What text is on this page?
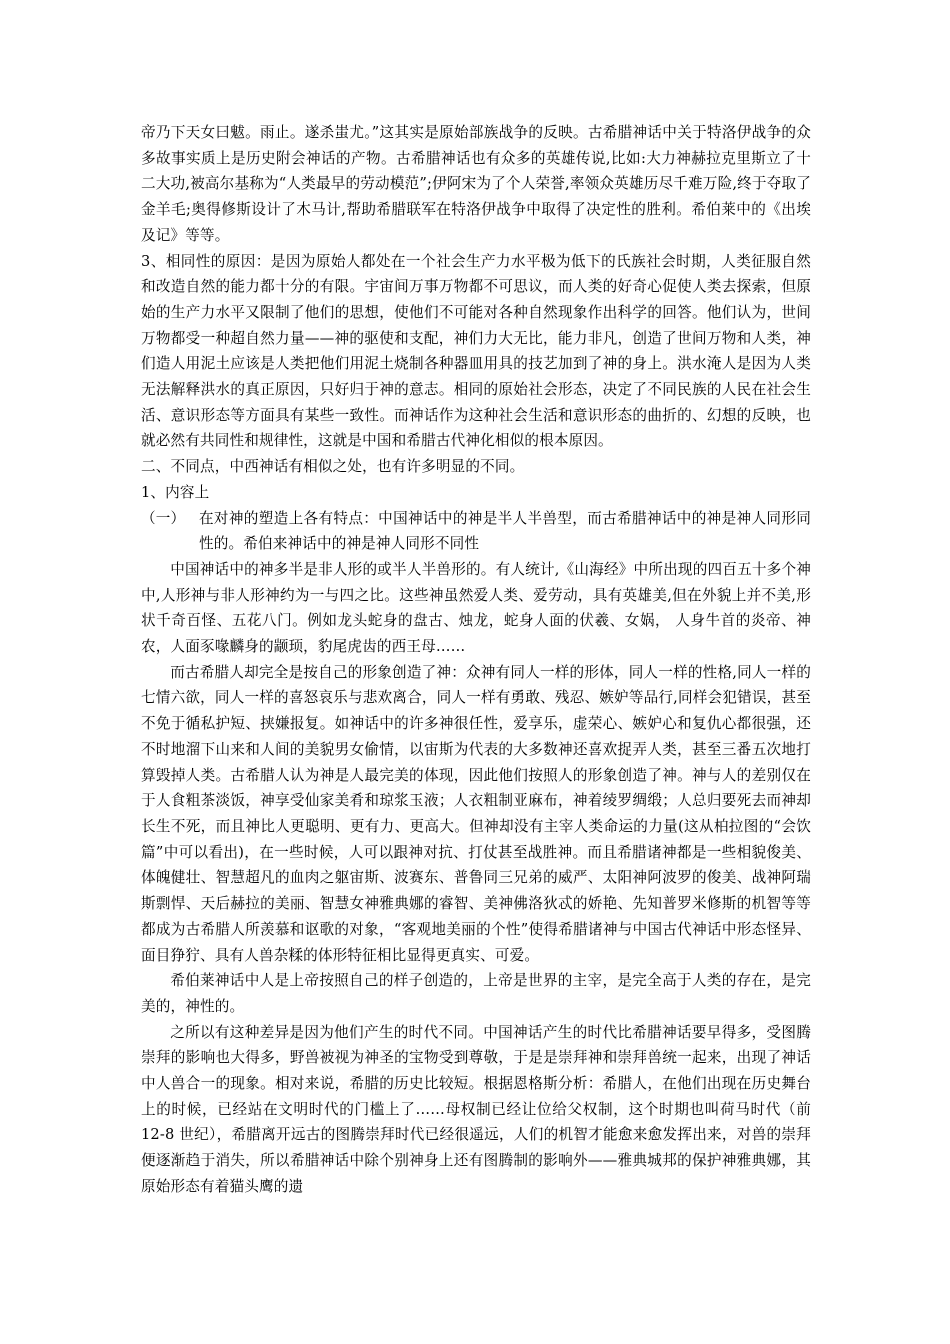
帝乃下天女曰魃。雨止。遂杀蚩尤。”这其实是原始部族战争的反映。古希腊神话中关于特洛伊战争的众多故事实质上是历史附会神话的产物。古希腊神话也有众多的英雄传说,比如:大力神赫拉克里斯立了十二大功,被高尔基称为“人类最早的劳动模范”;伊阿宋为了个人荣誉,率领众英雄历尽千难万险,终于夺取了金羊毛;奥得修斯设计了木马计,帮助希腊联军在特洛伊战争中取得了决定性的胜利。希伯莱中的《出埃及记》等等。

3、相同性的原因：是因为原始人都处在一个社会生产力水平极为低下的氏族社会时期，人类征服自然和改造自然的能力都十分的有限。宇宙间万事万物都不可思议，而人类的好奇心促使人类去探索，但原始的生产力水平又限制了他们的思想，使他们不可能对各种自然现象作出科学的回答。他们认为，世间万物都受一种超自然力量——神的驱使和支配，神们力大无比，能力非凡，创造了世间万物和人类，神们造人用泥土应该是人类把他们用泥土烧制各种器皿用具的技艺加到了神的身上。洪水淹人是因为人类无法解释洪水的真正原因，只好归于神的意志。相同的原始社会形态，决定了不同民族的人民在社会生活、意识形态等方面具有某些一致性。而神话作为这种社会生活和意识形态的曲折的、幻想的反映，也就必然有共同性和规律性，这就是中国和希腊古代神化相似的根本原因。

二、不同点，中西神话有相似之处，也有许多明显的不同。

1、内容上

（一） 在对神的塑造上各有特点：中国神话中的神是半人半兽型，而古希腊神话中的神是神人同形同性的。希伯来神话中的神是神人同形不同性

中国神话中的神多半是非人形的或半人半兽形的。有人统计,《山海经》中所出现的四百五十多个神中,人形神与非人形神约为一与四之比。这些神虽然爱人类、爱劳动，具有英雄美,但在外貌上并不美,形状千奇百怪、五花八门。例如龙头蛇身的盘古、烛龙，蛇身人面的伏羲、女娲， 人身牛首的炎帝、神农，人面豕喙麟身的颛顼，豹尾虎齿的西王母……

而古希腊人却完全是按自己的形象创造了神：众神有同人一样的形体，同人一样的性格,同人一样的七情六欲，同人一样的喜怒哀乐与悲欢离合，同人一样有勇敢、残忍、嫉妒等品行,同样会犯错误，甚至不免于循私护短、挟嫌报复。如神话中的许多神很任性，爱享乐，虚荣心、嫉妒心和复仇心都很强，还不时地溜下山来和人间的美貌男女偷情，以宙斯为代表的大多数神还喜欢捉弄人类，甚至三番五次地打算毁掉人类。古希腊人认为神是人最完美的体现，因此他们按照人的形象创造了神。神与人的差别仅在于人食粗茶淡饭，神享受仙家美肴和琼浆玉液；人衣粗制亚麻布，神着绫罗绸缎；人总归要死去而神却长生不死，而且神比人更聪明、更有力、更高大。但神却没有主宰人类命运的力量(这从柏拉图的“会饮篇”中可以看出)，在一些时候，人可以跟神对抗、打仗甚至战胜神。而且希腊诸神都是一些相貌俊美、体魄健壮、智慧超凡的血肉之躯宙斯、波赛东、普鲁同三兄弟的威严、太阳神阿波罗的俊美、战神阿瑞斯剽悍、天后赫拉的美丽、智慧女神雅典娜的睿智、美神佛洛狄忒的娇艳、先知普罗米修斯的机智等等都成为古希腊人所羡慕和讴歌的对象，“客观地美丽的个性”使得希腊诸神与中国古代神话中形态怪异、面目狰狞、具有人兽杂糅的体形特征相比显得更真实、可爱。

希伯莱神话中人是上帝按照自己的样子创造的，上帝是世界的主宰，是完全高于人类的存在，是完美的，神性的。

之所以有这种差异是因为他们产生的时代不同。中国神话产生的时代比希腊神话要早得多，受图腾崇拜的影响也大得多，野兽被视为神圣的宝物受到尊敬，于是是崇拜神和崇拜兽统一起来，出现了神话中人兽合一的现象。相对来说，希腊的历史比较短。根据恩格斯分析：希腊人，在他们出现在历史舞台上的时候，已经站在文明时代的门槛上了……母权制已经让位给父权制，这个时期也叫荷马时代（前 12-8 世纪），希腊离开远古的图腾崇拜时代已经很遥远，人们的机智才能愈来愈发挥出来，对兽的崇拜便逐渐趋于消失，所以希腊神话中除个别神身上还有图腾制的影响外——雅典城邦的保护神雅典娜，其原始形态有着猫头鹰的遗
